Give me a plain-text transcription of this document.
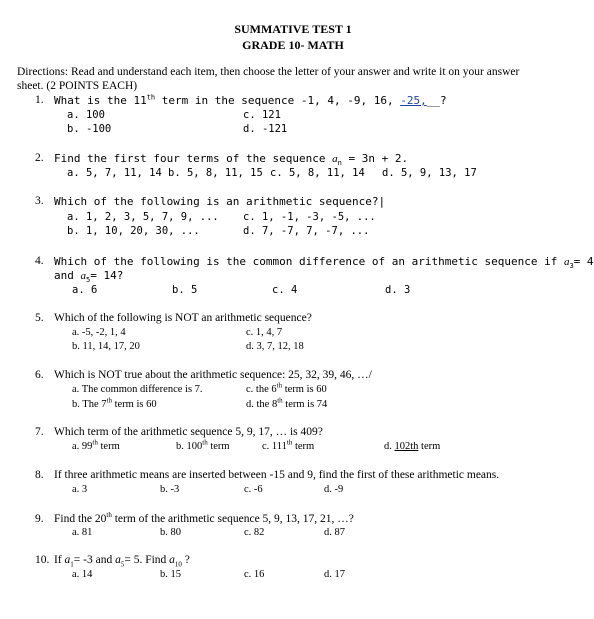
SUMMATIVE TEST 1
GRADE 10- MATH
Directions: Read and understand each item, then choose the letter of your answer and write it on your answer
sheet. (2 POINTS EACH)
1. What is the 11th term in the sequence -1, 4, -9, 16, -25,__?
a. 100	c. 121
b. -100	d. -121
2. Find the first four terms of the sequence $a_n = 3n + 2$.
a. 5, 7, 11, 14 b. 5, 8, 11, 15 c. 5, 8, 11, 14 d. 5, 9, 13, 17
3. Which of the following is an arithmetic sequence?|
a. 1, 2, 3, 5, 7, 9, ... c. 1, -1, -3, -5, ...
b. 1, 10, 20, 30, ...	d. 7, -7, 7, -7, ...
4. Which of the following is the common difference of an arithmetic sequence if $a_3= 4$
and $a_5= 14$?
a. 6	b. 5	c. 4	d. 3
5. Which of the following is NOT an arithmetic sequence?
a. -5, -2, 1, 4	c. 1, 4, 7
b. 11, 14, 17, 20	d. 3, 7, 12, 18
6. Which is NOT true about the arithmetic sequence: 25, 32, 39, 46, …/
a. The common difference is 7.	c. the 6th term is 60
b. The 7th term is 60	d. the 8th term is 74
7. Which term of the arithmetic sequence 5, 9, 17, … is 409?
a. 99th term	b. 100th term	c. 111th term	d. 102th term
8. If three arithmetic means are inserted between -15 and 9, find the first of these arithmetic means.
a. 3	b. -3	c. -6	d. -9
9. Find the 20th term of the arithmetic sequence 5, 9, 13, 17, 21, …?
a. 81	b. 80	c. 82	d. 87
10. If $a_1= -3$ and $a_5= 5$. Find $a_{10}$ ?
a. 14	b. 15	c. 16	d. 17
